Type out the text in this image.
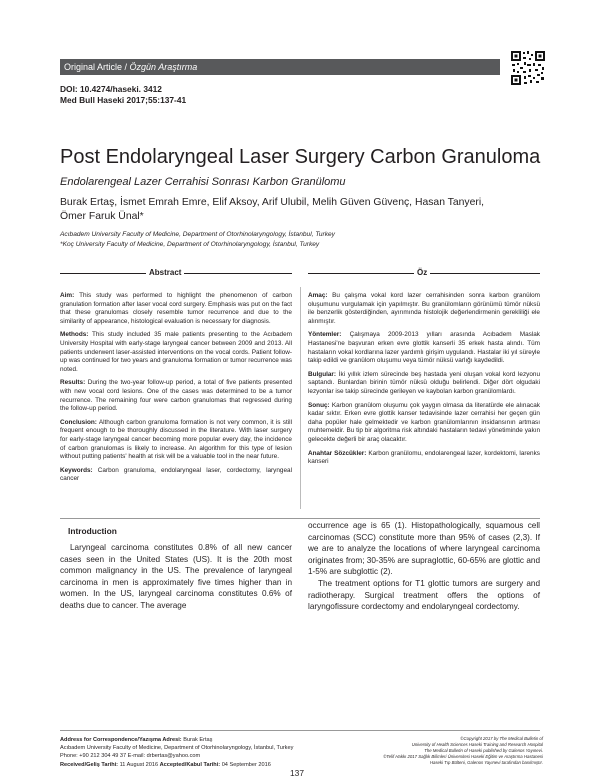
Original Article / Özgün Araştırma
DOI: 10.4274/haseki. 3412
Med Bull Haseki 2017;55:137-41
Post Endolaryngeal Laser Surgery Carbon Granuloma
Endolarengeal Lazer Cerrahisi Sonrası Karbon Granülomu
Burak Ertaş, İsmet Emrah Emre, Elif Aksoy, Arif Ulubil, Melih Güven Güvenç, Hasan Tanyeri,
Ömer Faruk Ünal*
Acıbadem University Faculty of Medicine, Department of Otorhinolaryngology, İstanbul, Turkey
*Koç University Faculty of Medicine, Department of Otorhinolaryngology, İstanbul, Turkey
Abstract	Öz

Aim: This study was performed to highlight the phenomenon of carbon granulation formation after laser vocal cord surgery. Emphasis was put on the fact that these granulomas closely resemble tumor recurrence and due to the similarity of appearance, histological evaluation is necessary for diagnosis.

Methods: This study included 35 male patients presenting to the Acıbadem University Hospital with early-stage laryngeal cancer between 2009 and 2013. All patients underwent laser-assisted interventions on the vocal cords. Patient follow-up was continued for two years and granuloma formation or tumor recurrence was noted.

Results: During the two-year follow-up period, a total of five patients presented with new vocal cord lesions. One of the cases was determined to be a tumor recurrence. The remaining four were carbon granulomas that regressed during the follow-up period.

Conclusion: Although carbon granuloma formation is not very common, it is still frequent enough to be thoroughly discussed in the literature. With laser surgery for early-stage laryngeal cancer becoming more popular every day, the incidence of carbon granulomas is likely to increase. An algorithm for this type of lesion without putting patients' health at risk will be a valuable tool in the near future.

Keywords: Carbon granuloma, endolaryngeal laser, cordectomy, laryngeal cancer

Amaç: Bu çalışma vokal kord lazer cerrahisinden sonra karbon granülom oluşumunu vurgulamak için yapılmıştır. Bu granülomların görünümü tümör nüksü ile benzerlik gösterdiğinden, ayırımında histolojik değerlendirmenin gerekliliği ele alınmıştır.

Yöntemler: Çalışmaya 2009-2013 yılları arasında Acıbadem Maslak Hastanesi'ne başvuran erken evre glottik kanserli 35 erkek hasta alındı. Tüm hastaların vokal kordlarına lazer yardımlı girişim uygulandı. Hastalar iki yıl süreyle takip edildi ve granülom oluşumu veya tümör nüksü varlığı kaydedildi.

Bulgular: İki yıllık izlem sürecinde beş hastada yeni oluşan vokal kord lezyonu saptandı. Bunlardan birinin tümör nüksü olduğu belirlendi. Diğer dört olgudaki lezyonlar ise takip sürecinde gerileyen ve kaybolan karbon granülomlardı.

Sonuç: Karbon granülom oluşumu çok yaygın olmasa da literatürde ele alınacak kadar sıktır. Erken evre glottik kanser tedavisinde lazer cerrahisi her geçen gün daha popüler hale gelmektedir ve karbon granülomlarının insidansının artması muhtemeldir. Bu tip bir algoritma risk altındaki hastaların tedavi yönetiminde yakın gelecekte değerli bir araç olacaktır.

Anahtar Sözcükler: Karbon granülomu, endolarengeal lazer, kordektomi, larenks kanseri

Introduction
Laryngeal carcinoma constitutes 0.8% of all new cancer cases seen in the United States (US). It is the 20th most common malignancy in the US. The prevalence of laryngeal carcinoma in men is approximately five times higher than in women. In the US, laryngeal carcinoma constitutes 0.6% of deaths due to cancer. The average

occurrence age is 65 (1). Histopathologically, squamous cell carcinomas (SCC) constitute more than 95% of cases (2,3). If we are to analyze the locations of where laryngeal carcinoma originates from; 30-35% are supraglottic, 60-65% are glottic and 1-5% are subglottic (2).

The treatment options for T1 glottic tumors are surgery and radiotherapy. Surgical treatment offers the options of laryngofissure cordectomy and endolaryngeal cordectomy.

Address for Correspondence/Yazışma Adresi: Burak Ertaş
Acıbadem University Faculty of Medicine, Department of Otorhinolaryngology, İstanbul, Turkey
Phone: +90 212 304 49 37 E-mail: drbertas@yahoo.com
Received/Geliş Tarihi: 11 August 2016 Accepted/Kabul Tarihi: 04 September 2016
©Copyright 2017 by The Medical Bulletin of
University of Health Sciences Haseki Training and Research Hospital
The Medical Bulletin of Haseki published by Galenos Yayınevi.
©Telif Hakkı 2017 Sağlık Bilimleri Üniversitesi Haseki Eğitim ve Araştırma Hastanesi
Haseki Tıp Bülteni, Galenos Yayınevi tarafından basılmıştır.
137
